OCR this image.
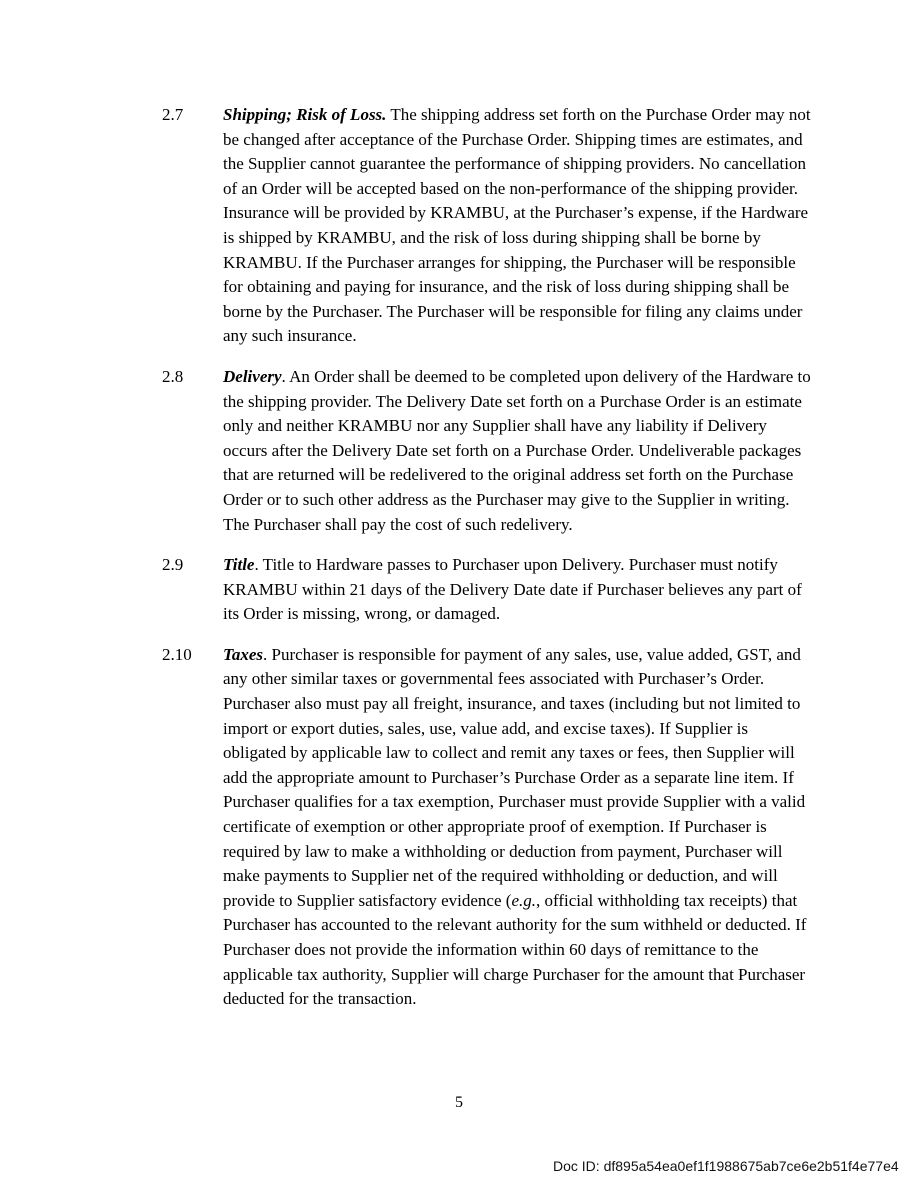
2.7	Shipping; Risk of Loss. The shipping address set forth on the Purchase Order may not be changed after acceptance of the Purchase Order. Shipping times are estimates, and the Supplier cannot guarantee the performance of shipping providers. No cancellation of an Order will be accepted based on the non-performance of the shipping provider. Insurance will be provided by KRAMBU, at the Purchaser’s expense, if the Hardware is shipped by KRAMBU, and the risk of loss during shipping shall be borne by KRAMBU. If the Purchaser arranges for shipping, the Purchaser will be responsible for obtaining and paying for insurance, and the risk of loss during shipping shall be borne by the Purchaser. The Purchaser will be responsible for filing any claims under any such insurance.
2.8	Delivery. An Order shall be deemed to be completed upon delivery of the Hardware to the shipping provider. The Delivery Date set forth on a Purchase Order is an estimate only and neither KRAMBU nor any Supplier shall have any liability if Delivery occurs after the Delivery Date set forth on a Purchase Order. Undeliverable packages that are returned will be redelivered to the original address set forth on the Purchase Order or to such other address as the Purchaser may give to the Supplier in writing. The Purchaser shall pay the cost of such redelivery.
2.9	Title. Title to Hardware passes to Purchaser upon Delivery. Purchaser must notify KRAMBU within 21 days of the Delivery Date date if Purchaser believes any part of its Order is missing, wrong, or damaged.
2.10	Taxes. Purchaser is responsible for payment of any sales, use, value added, GST, and any other similar taxes or governmental fees associated with Purchaser’s Order. Purchaser also must pay all freight, insurance, and taxes (including but not limited to import or export duties, sales, use, value add, and excise taxes). If Supplier is obligated by applicable law to collect and remit any taxes or fees, then Supplier will add the appropriate amount to Purchaser’s Purchase Order as a separate line item. If Purchaser qualifies for a tax exemption, Purchaser must provide Supplier with a valid certificate of exemption or other appropriate proof of exemption. If Purchaser is required by law to make a withholding or deduction from payment, Purchaser will make payments to Supplier net of the required withholding or deduction, and will provide to Supplier satisfactory evidence (e.g., official withholding tax receipts) that Purchaser has accounted to the relevant authority for the sum withheld or deducted. If Purchaser does not provide the information within 60 days of remittance to the applicable tax authority, Supplier will charge Purchaser for the amount that Purchaser deducted for the transaction.
5
Doc ID: df895a54ea0ef1f1988675ab7ce6e2b51f4e77e4
